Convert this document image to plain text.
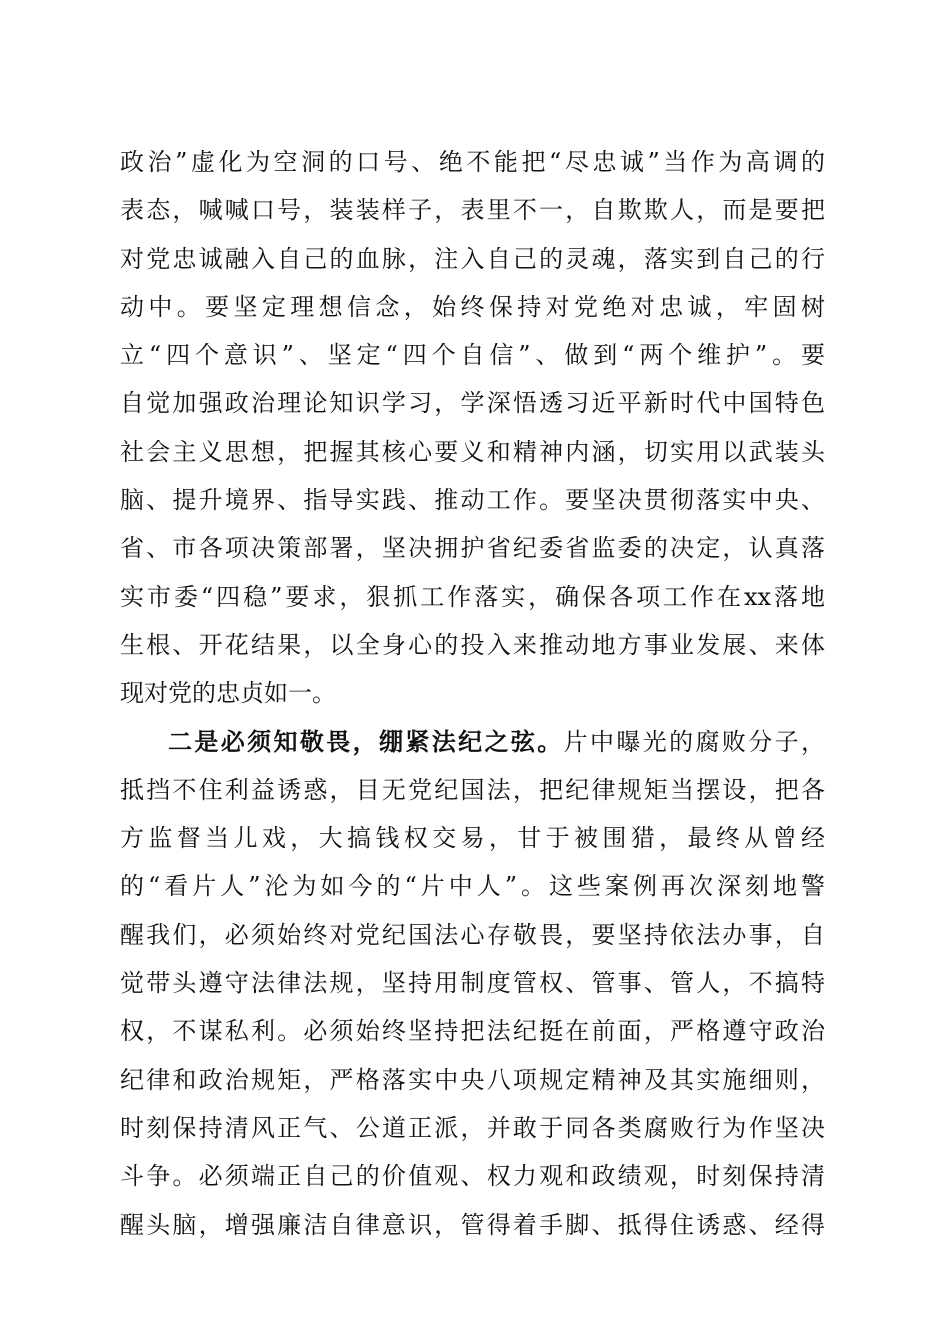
政治”虚化为空洞的口号、绝不能把“尽忠诚”当作为高调的
表态，喊喊口号，装装样子，表里不一，自欺欺人，而是要把
对党忠诚融入自己的血脉，注入自己的灵魂，落实到自己的行
动中。要坚定理想信念，始终保持对党绝对忠诚，牢固树
立“四个意识”、坚定“四个自信”、做到“两个维护”。要
自觉加强政治理论知识学习，学深悟透习近平新时代中国特色
社会主义思想，把握其核心要义和精神内涵，切实用以武装头
脑、提升境界、指导实践、推动工作。要坚决贯彻落实中央、
省、市各项决策部署，坚决拥护省纪委省监委的决定，认真落
实市委“四稳”要求，狠抓工作落实，确保各项工作在xx落地
生根、开花结果，以全身心的投入来推动地方事业发展、来体
现对党的忠贞如一。
二是必须知敬畏，绷紧法纪之弦。片中曝光的腐败分子，
抵挡不住利益诱惑，目无党纪国法，把纪律规矩当摆设，把各
方监督当儿戏，大搞钱权交易，甘于被围猎，最终从曾经
的“看片人”沦为如今的“片中人”。这些案例再次深刻地警
醒我们，必须始终对党纪国法心存敬畏，要坚持依法办事，自
觉带头遵守法律法规，坚持用制度管权、管事、管人，不搞特
权，不谋私利。必须始终坚持把法纪挺在前面，严格遵守政治
纪律和政治规矩，严格落实中央八项规定精神及其实施细则，
时刻保持清风正气、公道正派，并敢于同各类腐败行为作坚决
斗争。必须端正自己的价值观、权力观和政绩观，时刻保持清
醒头脑，增强廉洁自律意识，管得着手脚、抵得住诱惑、经得
